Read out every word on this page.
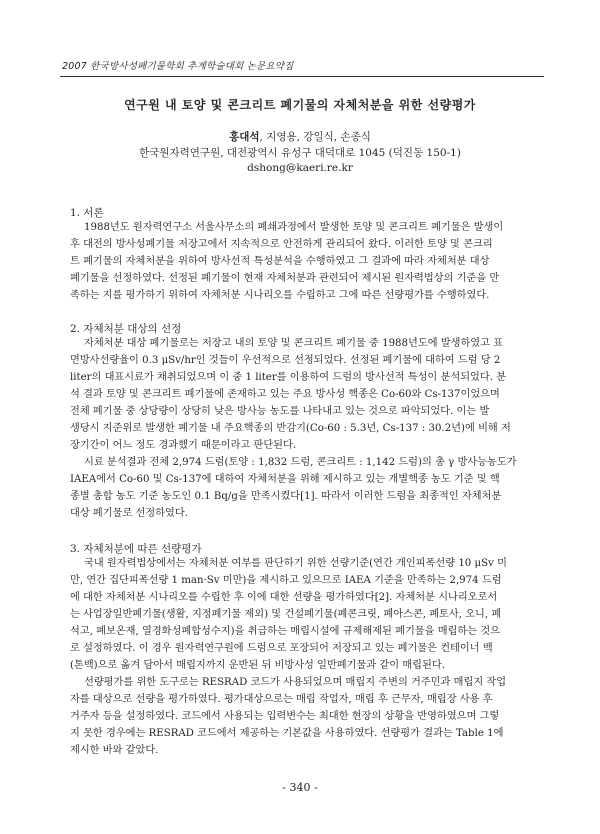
2007 한국방사성폐기물학회 추계학술대회 논문요약집
연구원 내 토양 및 콘크리트 폐기물의 자체처분을 위한 선량평가
홍대석, 지영용, 강일식, 손종식
한국원자력연구원, 대전광역시 유성구 대덕대로 1045 (덕진동 150-1)
dshong@kaeri.re.kr
1. 서론
1988년도 원자력연구소 서울사무소의 폐쇄과정에서 발생한 토양 및 콘크리트 폐기물은 발생이
후 대전의 방사성폐기물 저장고에서 지속적으로 안전하게 관리되어 왔다. 이러한 토양 및 콘크리
트 폐기물의 자체처분을 위하여 방사선적 특성분석을 수행하였고 그 결과에 따라 자체처분 대상
폐기물을 선정하였다. 선정된 폐기물이 현재 자체처분과 관련되어 제시된 원자력법상의 기준을 만
족하는 지를 평가하기 위하여 자체처분 시나리오를 수립하고 그에 따른 선량평가를 수행하였다.
2. 자체처분 대상의 선정
자체처분 대상 폐기물로는 저장고 내의 토양 및 콘크리트 폐기물 중 1988년도에 발생하였고 표
면방사선량율이 0.3 μSv/hr인 것들이 우선적으로 선정되었다. 선정된 폐기물에 대하여 드럼 당 2
liter의 대표시료가 채취되었으며 이 중 1 liter를 이용하여 드럼의 방사선적 특성이 분석되었다. 분
석 결과 토양 및 콘크리트 폐기물에 존재하고 있는 주요 방사성 핵종은 Co-60와 Cs-137이었으며
전체 폐기물 중 상당량이 상당히 낮은 방사능 농도를 나타내고 있는 것으로 파악되었다. 이는 발
생당시 지준위로 발생한 폐기물 내 주요핵종의 반감기(Co-60 : 5.3년, Cs-137 : 30.2년)에 비해 저
장기간이 어느 정도 경과했기 때문이라고 판단된다.
시료 분석결과 전체 2,974 드럼(토양 : 1,832 드럼, 콘크리트 : 1,142 드럼)의 총 γ 방사능농도가
IAEA에서 Co-60 및 Cs-137에 대하여 자체처분을 위해 제시하고 있는 개별핵종 농도 기준 및 핵
종별 총합 농도 기준 농도인 0.1 Bq/g을 만족시켰다[1]. 따라서 이러한 드럼을 최종적인 자체처분
대상 폐기물로 선정하였다.
3. 자체처분에 따른 선량평가
국내 원자력법상에서는 자체처분 여부를 판단하기 위한 선량기준(연간 개인피폭선량 10 μSv 미
만, 연간 집단피폭선량 1 man·Sv 미만)을 제시하고 있으므로 IAEA 기준을 만족하는 2,974 드럼
에 대한 자체처분 시나리오를 수립한 후 이에 대한 선량을 평가하였다[2]. 자체처분 시나리오로서
는 사업장일반폐기물(생활, 지정폐기물 제외) 및 건설폐기물(폐콘크릿, 폐아스콘, 폐토사, 오니, 폐
석고, 폐보온재, 열경화성폐합성수지)을 취급하는 매립시설에 규제해제된 폐기물을 매립하는 것으
로 설정하였다. 이 경우 원자력연구원에 드럼으로 포장되어 저장되고 있는 폐기물은 컨테이너 백
(톤백)으로 옮겨 담아서 매립지까지 운반된 뒤 비방사성 일반폐기물과 같이 매립된다.
선량평가를 위한 도구로는 RESRAD 코드가 사용되었으며 매립지 주변의 거주민과 매립지 작업
자를 대상으로 선량을 평가하였다. 평가대상으로는 매립 작업자, 매립 후 근무자, 매립장 사용 후
거주자 등을 설정하였다. 코드에서 사용되는 입력변수는 최대한 현장의 상황을 반영하였으며 그렇
지 못한 경우에는 RESRAD 코드에서 제공하는 기본값을 사용하였다. 선량평가 결과는 Table 1에
제시한 바와 같았다.
- 340 -
